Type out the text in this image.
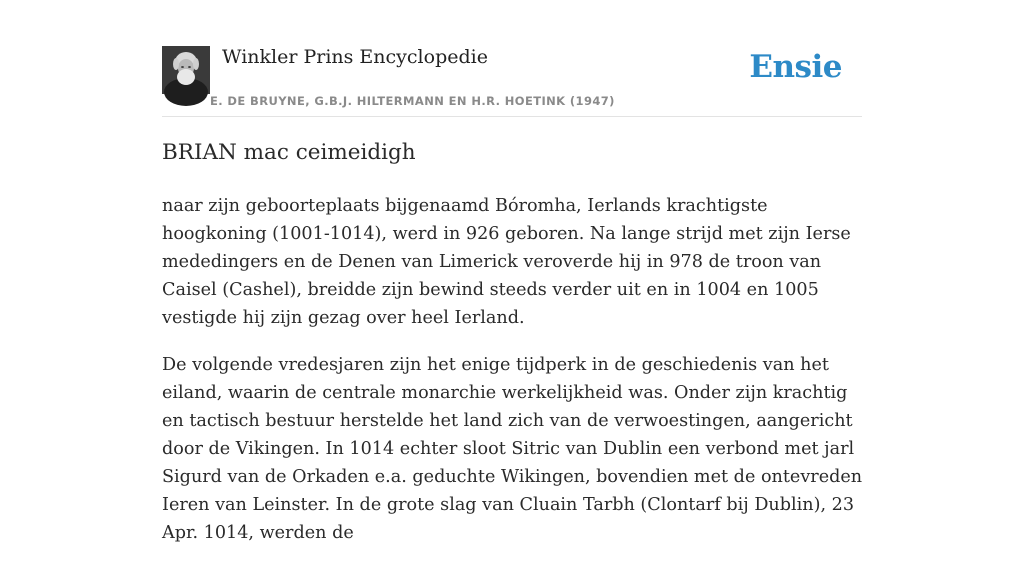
Winkler Prins Encyclopedie
E. DE BRUYNE, G.B.J. HILTERMANN EN H.R. HOETINK (1947)
Ensie
BRIAN mac ceimeidigh

naar zijn geboorteplaats bijgenaamd Bóromha, Ierlands krachtigste hoogkoning (1001-1014), werd in 926 geboren. Na lange strijd met zijn Ierse mededingers en de Denen van Limerick veroverde hij in 978 de troon van Caisel (Cashel), breidde zijn bewind steeds verder uit en in 1004 en 1005 vestigde hij zijn gezag over heel Ierland.

De volgende vredesjaren zijn het enige tijdperk in de geschiedenis van het eiland, waarin de centrale monarchie werkelijkheid was. Onder zijn krachtig en tactisch bestuur herstelde het land zich van de verwoestingen, aangericht door de Vikingen. In 1014 echter sloot Sitric van Dublin een verbond met jarl Sigurd van de Orkaden e.a. geduchte Wikingen, bovendien met de ontevreden Ieren van Leinster. In de grote slag van Cluain Tarbh (Clontarf bij Dublin), 23 Apr. 1014, werden de
